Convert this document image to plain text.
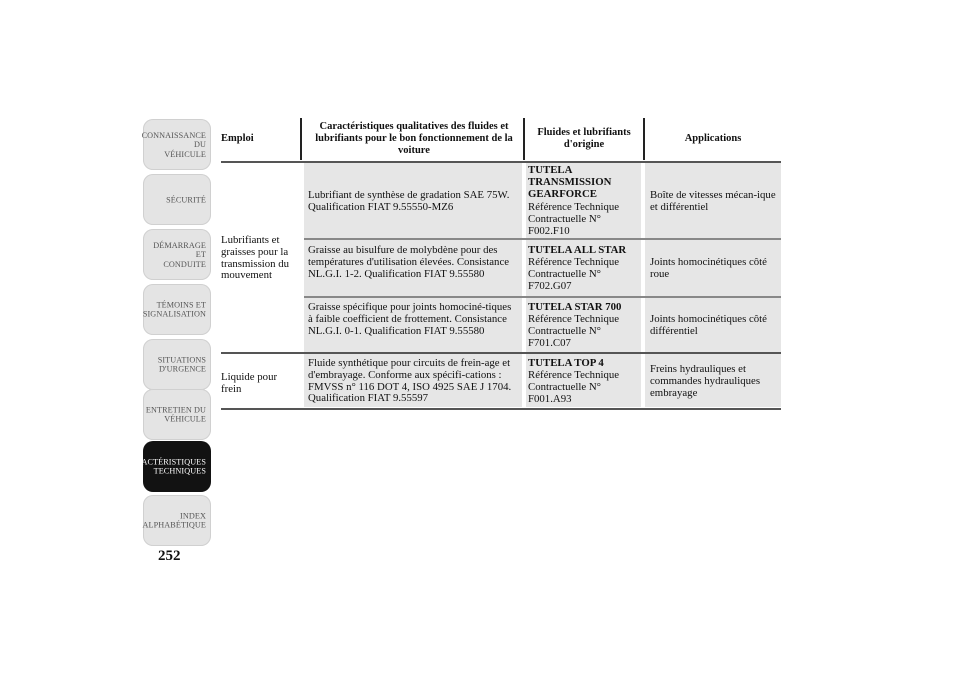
CONNAISSANCE DU
VÉHICULE
SÉCURITÉ
DÉMARRAGE ET
CONDUITE
TÉMOINS ET
SIGNALISATION
SITUATIONS
D'URGENCE
ENTRETIEN DU
VÉHICULE
CARACTÉRISTIQUES
TECHNIQUES
INDEX
ALPHABÉTIQUE
252
Emploi
Caractéristiques qualitatives des fluides et lubrifiants pour le bon fonctionnement de la voiture
Fluides et lubrifiants d'origine
Applications
Lubrifiants et graisses pour la transmission du mouvement
Liquide pour frein
Lubrifiant de synthèse de gradation SAE 75W. Qualification FIAT 9.55550-MZ6
TUTELA TRANSMISSION GEARFORCE
Référence Technique Contractuelle N° F002.F10
Boîte de vitesses mécan-ique et différentiel
Graisse au bisulfure de molybdène pour des températures d'utilisation élevées. Consistance NL.G.I. 1-2. Qualification FIAT 9.55580
TUTELA ALL STAR
Référence Technique Contractuelle N° F702.G07
Joints homocinétiques côté roue
Graisse spécifique pour joints homociné-tiques à faible coefficient de frottement. Consistance NL.G.I. 0-1. Qualification FIAT 9.55580
TUTELA STAR 700
Référence Technique Contractuelle N° F701.C07
Joints homocinétiques côté différentiel
Fluide synthétique pour circuits de frein-age et d'embrayage. Conforme aux spécifi-cations : FMVSS n° 116 DOT 4, ISO 4925 SAE J 1704. Qualification FIAT 9.55597
TUTELA TOP 4
Référence Technique Contractuelle N° F001.A93
Freins hydrauliques et commandes hydrauliques embrayage
